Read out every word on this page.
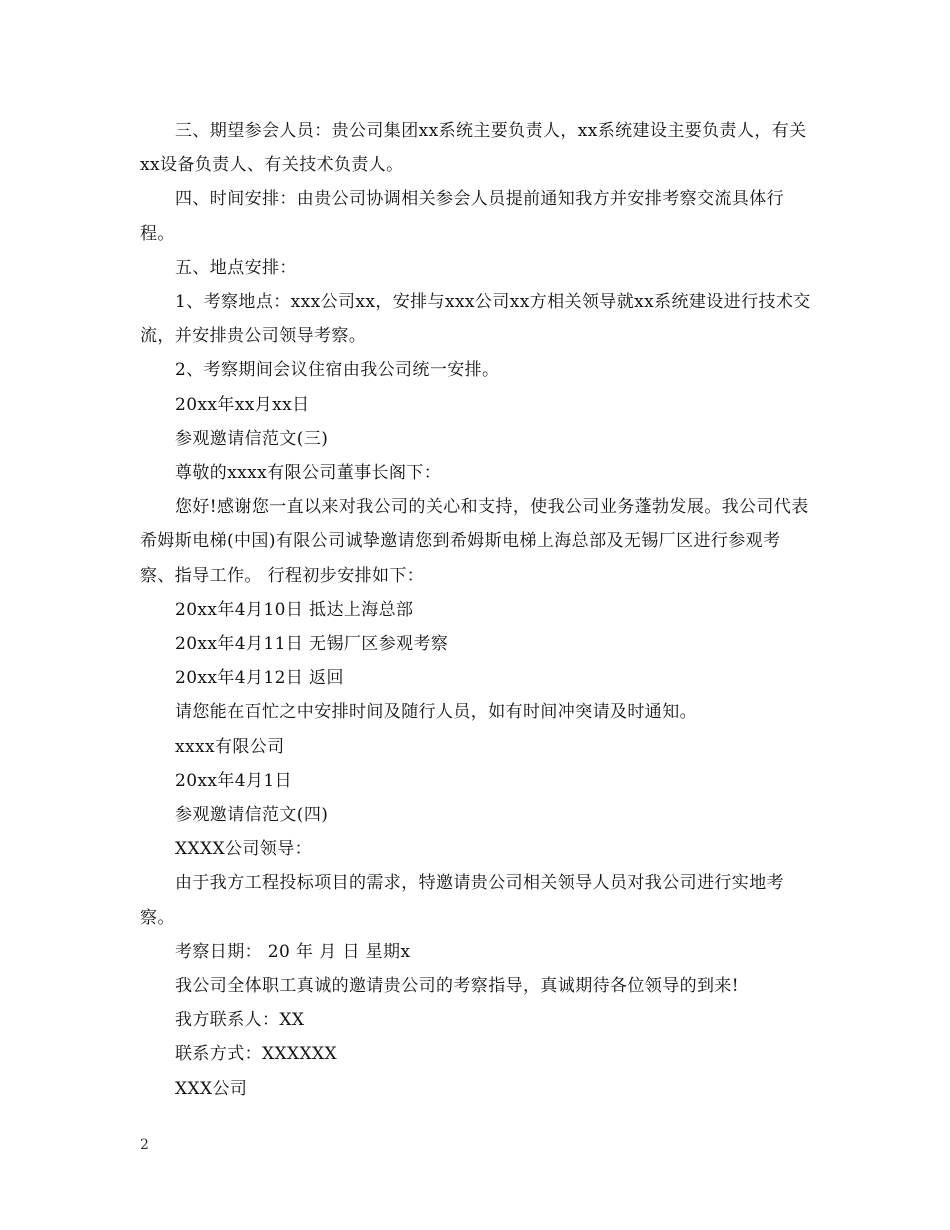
三、期望参会人员：贵公司集团xx系统主要负责人，xx系统建设主要负责人，有关xx设备负责人、有关技术负责人。

四、时间安排：由贵公司协调相关参会人员提前通知我方并安排考察交流具体行程。

五、地点安排：

1、考察地点：xxx公司xx，安排与xxx公司xx方相关领导就xx系统建设进行技术交流，并安排贵公司领导考察。

2、考察期间会议住宿由我公司统一安排。

20xx年xx月xx日

参观邀请信范文(三)

尊敬的xxxx有限公司董事长阁下：

您好!感谢您一直以来对我公司的关心和支持，使我公司业务蓬勃发展。我公司代表希姆斯电梯(中国)有限公司诚挚邀请您到希姆斯电梯上海总部及无锡厂区进行参观考察、指导工作。 行程初步安排如下：

20xx年4月10日 抵达上海总部

20xx年4月11日 无锡厂区参观考察

20xx年4月12日 返回

请您能在百忙之中安排时间及随行人员，如有时间冲突请及时通知。

xxxx有限公司

20xx年4月1日

参观邀请信范文(四)

XXXX公司领导：

由于我方工程投标项目的需求，特邀请贵公司相关领导人员对我公司进行实地考察。

考察日期： 20 年 月 日 星期x

我公司全体职工真诚的邀请贵公司的考察指导，真诚期待各位领导的到来!

我方联系人：XX

联系方式：XXXXXX

XXX公司

2
